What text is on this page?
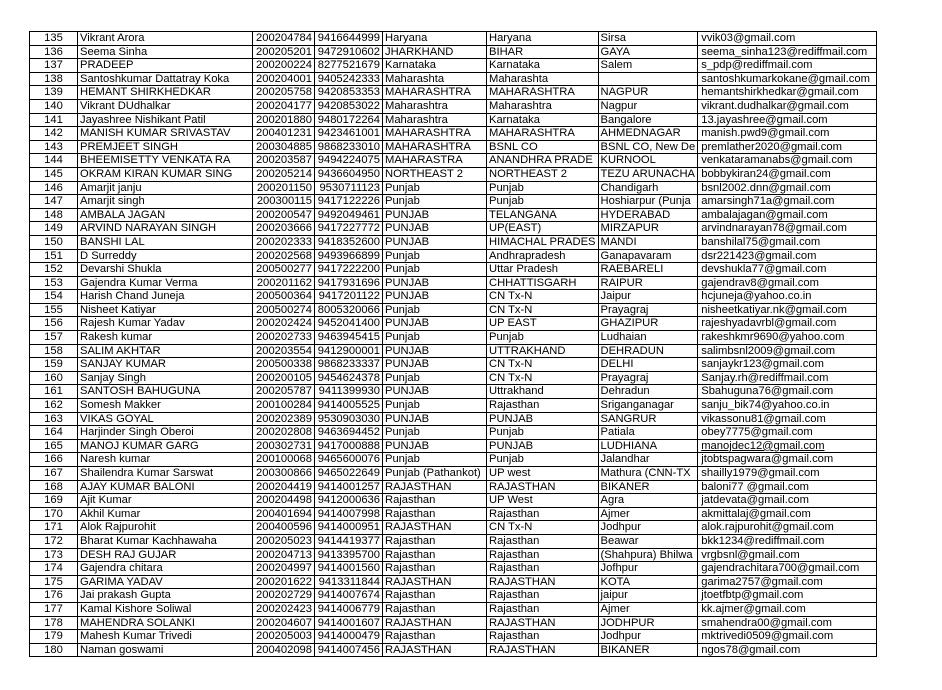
135	Vikrant Arora	200204784	9416644999	Haryana	Haryana	Sirsa	vvik03@gmail.com
136	Seema Sinha	200205201	9472910602	JHARKHAND	BIHAR	GAYA	seema_sinha123@rediffmail.com
137	PRADEEP	200200224	8277521679	Karnataka	Karnataka	Salem	s_pdp@rediffmail.com
138	Santoshkumar Dattatray Koka	200204001	9405242333	Maharashta	Maharashta		santoshkumarkokane@gmail.com
139	HEMANT SHIRKHEDKAR	200205758	9420853353	MAHARASHTRA	MAHARASHTRA	NAGPUR	hemantshirkhedkar@gmail.com
140	Vikrant DUdhalkar	200204177	9420853022	Maharashtra	Maharashtra	Nagpur	vikrant.dudhalkar@gmail.com
141	Jayashree Nishikant Patil	200201880	9480172264	Maharashtra	Karnataka	Bangalore	13.jayashree@gmail.com
142	MANISH KUMAR SRIVASTAV	200401231	9423461001	MAHARASHTRA	MAHARASHTRA	AHMEDNAGAR	manish.pwd9@gmail.com
143	PREMJEET SINGH	200304885	9868233010	MAHARASHTRA	BSNL CO	BSNL CO, New De	premlather2020@gmail.com
144	BHEEMISETTY VENKATA RA	200203587	9494224075	MAHARASTRA	ANANDHRA PRADE	KURNOOL	venkataramanabs@gmail.com
145	OKRAM KIRAN KUMAR SING	200205214	9436604950	NORTHEAST 2	NORTHEAST 2	TEZU ARUNACHA	bobbykiran24@gmail.com
146	Amarjit janju	200201150	9530711123	Punjab	Punjab	Chandigarh	bsnl2002.dnn@gmail.com
147	Amarjit singh	200300115	9417122226	Punjab	Punjab	Hoshiarpur (Punja	amarsingh71a@gmail.com
148	AMBALA JAGAN	200200547	9492049461	PUNJAB	TELANGANA	HYDERABAD	ambalajagan@gmail.com
149	ARVIND NARAYAN SINGH	200203666	9417227772	PUNJAB	UP(EAST)	MIRZAPUR	arvindnarayan78@gmail.com
150	BANSHI LAL	200202333	9418352600	PUNJAB	HIMACHAL PRADES	MANDI	banshilal75@gmail.com
151	D Surreddy	200202568	9493966899	Punjab	Andhrapradesh	Ganapavaram	dsr221423@gmail.com
152	Devarshi Shukla	200500277	9417222200	Punjab	Uttar Pradesh	RAEBARELI	devshukla77@gmail.com
153	Gajendra Kumar Verma	200201162	9417931696	PUNJAB	CHHATTISGARH	RAIPUR	gajendrav8@gmail.com
154	Harish Chand Juneja	200500364	9417201122	PUNJAB	CN Tx-N	Jaipur	hcjuneja@yahoo.co.in
155	Nisheet Katiyar	200500274	8005320066	Punjab	CN Tx-N	Prayagraj	nisheetkatiyar.nk@gmail.com
156	Rajesh Kumar Yadav	200202424	9452041400	PUNJAB	UP EAST	GHAZIPUR	rajeshyadavrbl@gmail.com
157	Rakesh kumar	200202733	9463945415	Punjab	Punjab	Ludhaian	rakeshkmr9690@yahoo.com
158	SALIM AKHTAR	200203554	9412900001	PUNJAB	UTTRAKHAND	DEHRADUN	salimbsnl2009@gmail.com
159	SANJAY KUMAR	200500338	9868233337	PUNJAB	CN Tx-N	DELHI	sanjaykr123@gmail.com
160	Sanjay Singh	200200105	9454624378	Punjab	CN Tx-N	Prayagraj	Sanjay.rh@rediffmail.com
161	SANTOSH BAHUGUNA	200205787	9411399930	PUNJAB	Uttrakhand	Dehradun	Sbahuguna76@gmail.com
162	Somesh Makker	200100284	9414005525	Punjab	Rajasthan	Sriganganagar	sanju_bik74@yahoo.co.in
163	VIKAS GOYAL	200202389	9530903030	PUNJAB	PUNJAB	SANGRUR	vikassonu81@gmail.com
164	Harjinder Singh Oberoi	200202808	9463694452	Punjab	Punjab	Patiala	obey7775@gmail.com
165	MANOJ KUMAR GARG	200302731	9417000888	PUNJAB	PUNJAB	LUDHIANA	manojdec12@gmail.com
166	Naresh kumar	200100068	9465600076	Punjab	Punjab	Jalandhar	jtobtspagwara@gmail.com
167	Shailendra Kumar Sarswat	200300866	9465022649	Punjab (Pathankot)	UP west	Mathura (CNN-TX	shailly1979@gmail.com
168	AJAY KUMAR BALONI	200204419	9414001257	RAJASTHAN	RAJASTHAN	BIKANER	baloni77 @gmail.com
169	Ajit Kumar	200204498	9412000636	Rajasthan	UP West	Agra	jatdevata@gmail.com
170	Akhil Kumar	200401694	9414007998	Rajasthan	Rajasthan	Ajmer	akmittalaj@gmail.com
171	Alok Rajpurohit	200400596	9414000951	RAJASTHAN	CN Tx-N	Jodhpur	alok.rajpurohit@gmail.com
172	Bharat Kumar Kachhawaha	200205023	9414419377	Rajasthan	Rajasthan	Beawar	bkk1234@rediffmail.com
173	DESH RAJ GUJAR	200204713	9413395700	Rajasthan	Rajasthan	(Shahpura) Bhilwa	vrgbsnl@gmail.com
174	Gajendra chitara	200204997	9414001560	Rajasthan	Rajasthan	Jofhpur	gajendrachitara700@gmail.com
175	GARIMA YADAV	200201622	9413311844	RAJASTHAN	RAJASTHAN	KOTA	garima2757@gmail.com
176	Jai prakash Gupta	200202729	9414007674	Rajasthan	Rajasthan	jaipur	jtoetfbtp@gmail.com
177	Kamal Kishore Soliwal	200202423	9414006779	Rajasthan	Rajasthan	Ajmer	kk.ajmer@gmail.com
178	MAHENDRA SOLANKI	200204607	9414001607	RAJASTHAN	RAJASTHAN	JODHPUR	smahendra00@gmail.com
179	Mahesh Kumar Trivedi	200205003	9414000479	Rajasthan	Rajasthan	Jodhpur	mktrivedi0509@gmail.com
180	Naman goswami	200402098	9414007456	RAJASTHAN	RAJASTHAN	BIKANER	ngos78@gmail.com
